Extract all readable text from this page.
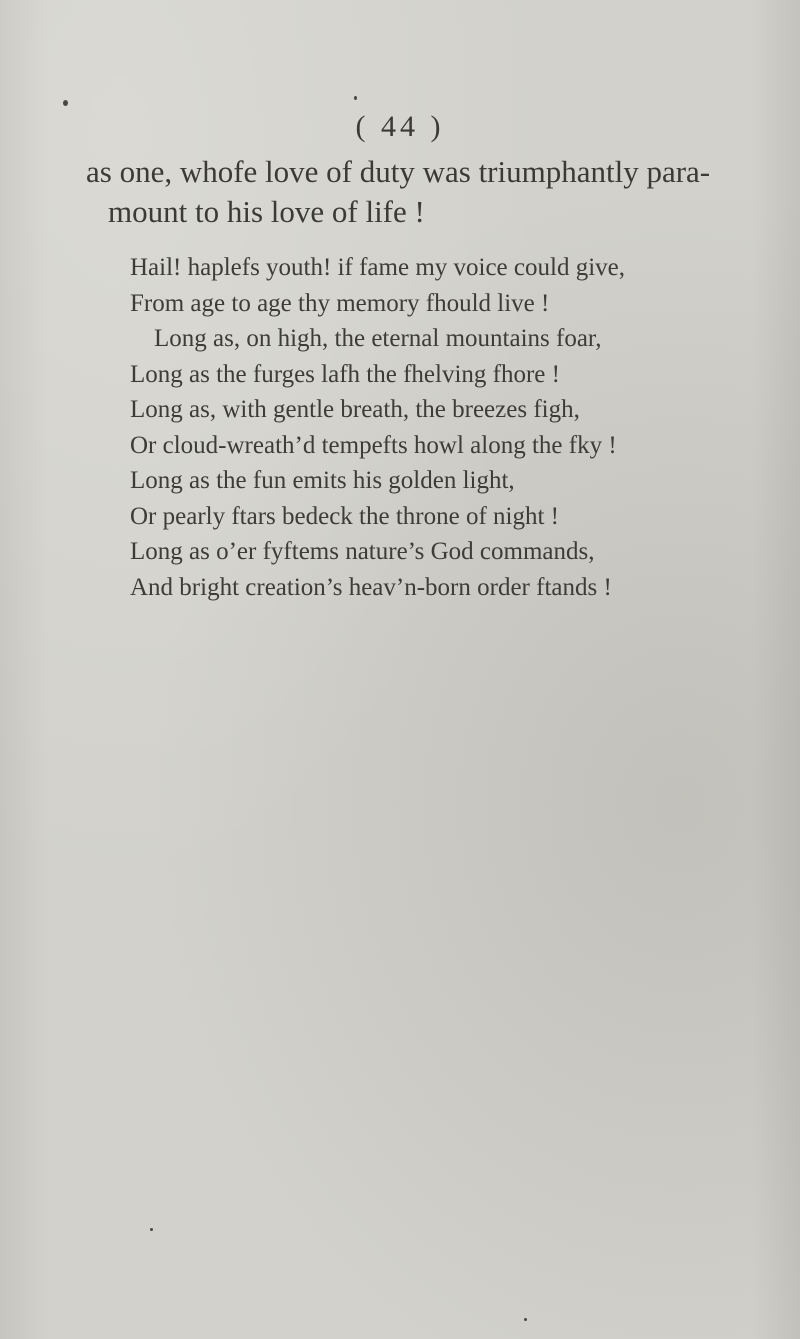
( 44 )
as one, whofe love of duty was triumphantly para-
mount to his love of life !
Hail! haplefs youth! if fame my voice could give,
From age to age thy memory fhould live !
Long as, on high, the eternal mountains foar,
Long as the furges lafh the fhelving fhore !
Long as, with gentle breath, the breezes figh,
Or cloud-wreath’d tempefts howl along the fky !
Long as the fun emits his golden light,
Or pearly ftars bedeck the throne of night !
Long as o’er fyftems nature’s God commands,
And bright creation’s heav’n-born order ftands !
